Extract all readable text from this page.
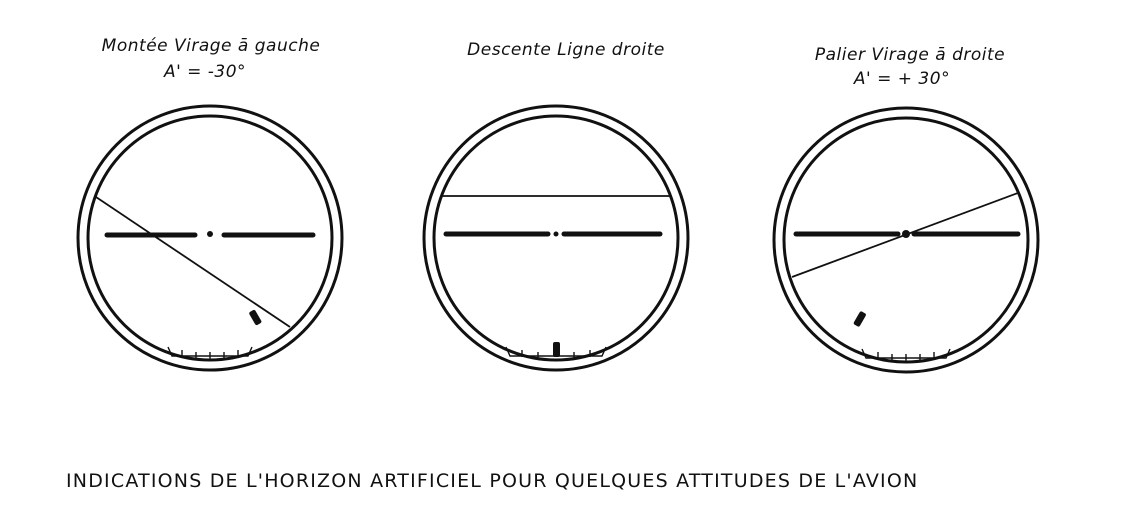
Montée Virage ā gauche
A' = -30°
Descente Ligne droite	Palier Virage ā droite
A' = + 30°
INDICATIONS DE L'HORIZON ARTIFICIEL POUR QUELQUES ATTITUDES DE L'AVION
